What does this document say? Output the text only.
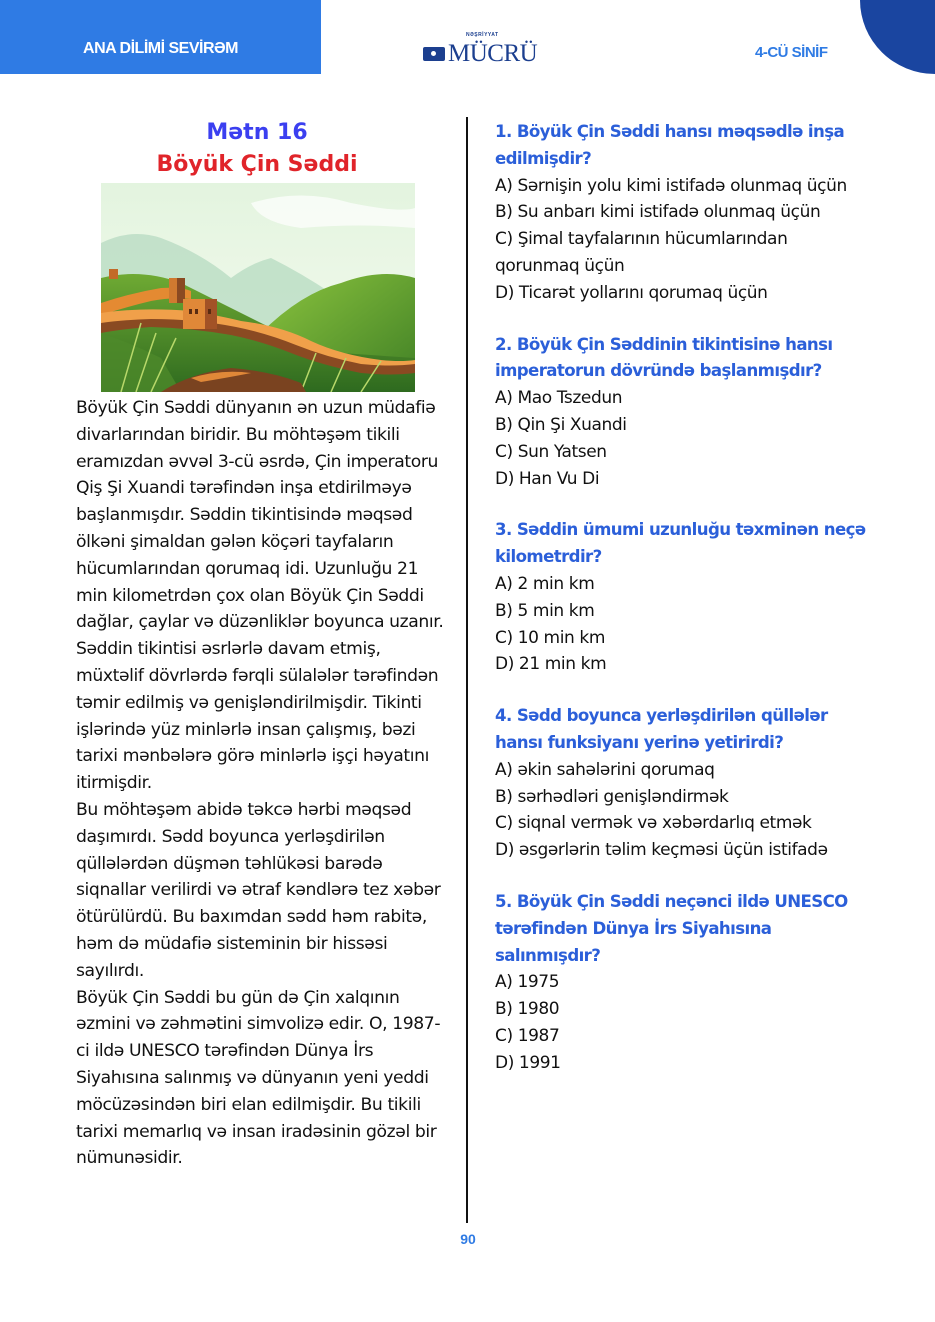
ANA DİLİMİ SEVİRƏM
NƏŞRİYYAT
MÜCRÜ	4-CÜ SİNİF
Mətn 16
Böyük Çin Səddi

Böyük Çin Səddi dünyanın ən uzun müdafiə divarlarından biridir. Bu möhtəşəm tikili eramızdan əvvəl 3-cü əsrdə, Çin imperatoru Qiş Şi Xuandi tərəfindən inşa etdirilməyə başlanmışdır. Səddin tikintisində məqsəd ölkəni şimaldan gələn köçəri tayfaların hücumlarından qorumaq idi. Uzunluğu 21 min kilometrdən çox olan Böyük Çin Səddi dağlar, çaylar və düzənliklər boyunca uzanır. Səddin tikintisi əsrlərlə davam etmiş, müxtəlif dövrlərdə fərqli sülalələr tərəfindən təmir edilmiş və genişləndirilmişdir. Tikinti işlərində yüz minlərlə insan çalışmış, bəzi tarixi mənbələrə görə minlərlə işçi həyatını itirmişdir.

Bu möhtəşəm abidə təkcə hərbi məqsəd daşımırdı. Sədd boyunca yerləşdirilən qüllələrdən düşmən təhlükəsi barədə siqnallar verilirdi və ətraf kəndlərə tez xəbər ötürülürdü. Bu baxımdan sədd həm rabitə, həm də müdafiə sisteminin bir hissəsi sayılırdı.

Böyük Çin Səddi bu gün də Çin xalqının əzmini və zəhmətini simvolizə edir. O, 1987-ci ildə UNESCO tərəfindən Dünya İrs Siyahısına salınmış və dünyanın yeni yeddi möcüzəsindən biri elan edilmişdir. Bu tikili tarixi memarlıq və insan iradəsinin gözəl bir nümunəsidir.

1. Böyük Çin Səddi hansı məqsədlə inşa edilmişdir?
A) Sərnişin yolu kimi istifadə olunmaq üçün
B) Su anbarı kimi istifadə olunmaq üçün
C) Şimal tayfalarının hücumlarından qorunmaq üçün
D) Ticarət yollarını qorumaq üçün
2. Böyük Çin Səddinin tikintisinə hansı imperatorun dövründə başlanmışdır?
A) Mao Tszedun
B) Qin Şi Xuandi
C) Sun Yatsen
D) Han Vu Di
3. Səddin ümumi uzunluğu təxminən neçə kilometrdir?
A) 2 min km
B) 5 min km
C) 10 min km
D) 21 min km
4. Sədd boyunca yerləşdirilən qüllələr hansı funksiyanı yerinə yetirirdi?
A) əkin sahələrini qorumaq
B) sərhədləri genişləndirmək
C) siqnal vermək və xəbərdarlıq etmək
D) əsgərlərin təlim keçməsi üçün istifadə
5. Böyük Çin Səddi neçənci ildə UNESCO tərəfindən Dünya İrs Siyahısına salınmışdır?
A) 1975
B) 1980
C) 1987
D) 1991
90
